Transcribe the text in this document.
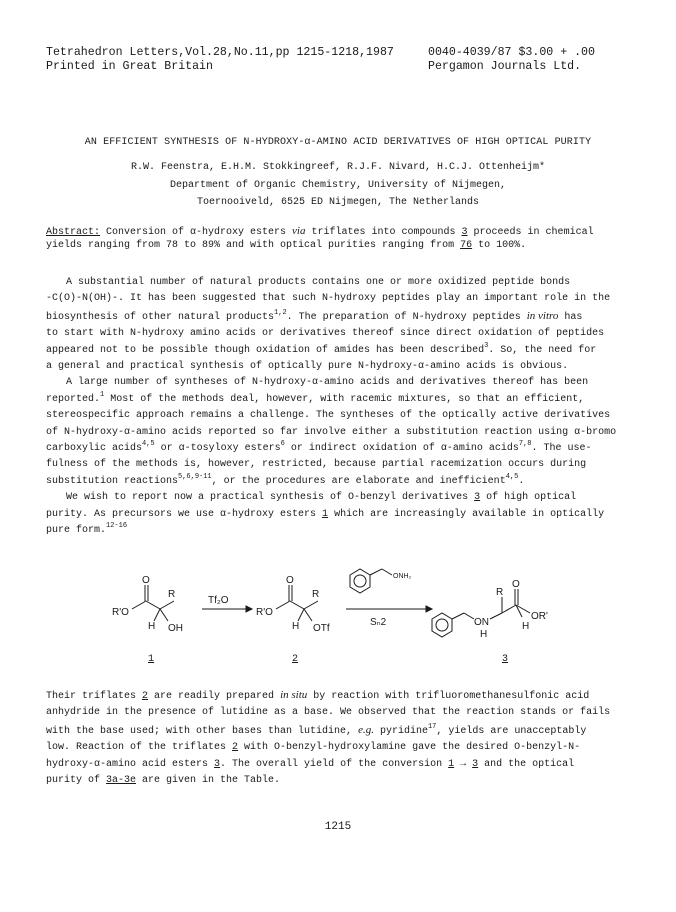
Tetrahedron Letters,Vol.28,No.11,pp 1215-1218,1987
Printed in Great Britain
0040-4039/87 $3.00 + .00
Pergamon Journals Ltd.
AN EFFICIENT SYNTHESIS OF N-HYDROXY-α-AMINO ACID DERIVATIVES OF HIGH OPTICAL PURITY
R.W. Feenstra, E.H.M. Stokkingreef, R.J.F. Nivard, H.C.J. Ottenheijm*
Department of Organic Chemistry, University of Nijmegen,
Toernooiveld, 6525 ED Nijmegen, The Netherlands
Abstract: Conversion of α-hydroxy esters via triflates into compounds 3 proceeds in chemical
yields ranging from 78 to 89% and with optical purities ranging from 76 to 100%.
A substantial number of natural products contains one or more oxidized peptide bonds
-C(O)-N(OH)-. It has been suggested that such N-hydroxy peptides play an important role in the
biosynthesis of other natural products$^{1,2}$. The preparation of N-hydroxy peptides in vitro has
to start with N-hydroxy amino acids or derivatives thereof since direct oxidation of peptides
appeared not to be possible though oxidation of amides has been described$^3$. So, the need for
a general and practical synthesis of optically pure N-hydroxy-α-amino acids is obvious.
A large number of syntheses of N-hydroxy-α-amino acids and derivatives thereof has been
reported.$^1$ Most of the methods deal, however, with racemic mixtures, so that an efficient,
stereospecific approach remains a challenge. The syntheses of the optically active derivatives
of N-hydroxy-α-amino acids reported so far involve either a substitution reaction using α-bromo
carboxylic acids$^{4,5}$ or α-tosyloxy esters$^6$ or indirect oxidation of α-amino acids$^{7,8}$. The use-
fulness of the methods is, however, restricted, because partial racemization occurs during
substitution reactions$^{5,6,9-11}$, or the procedures are elaborate and inefficient$^{4,5}$.
We wish to report now a practical synthesis of O-benzyl derivatives 3 of high optical
purity. As precursors we use α-hydroxy esters 1 which are increasingly available in optically
pure form.$^{12-16}$
O
R
R'O
OH
H
1
Tf₂O
O
R
R'O
OTf
H
2
ONH₂
Sₙ2
O
R
OR'
ON
H
H
3
Their triflates 2 are readily prepared in situ by reaction with trifluoromethanesulfonic acid
anhydride in the presence of lutidine as a base. We observed that the reaction stands or fails
with the base used; with other bases than lutidine, e.g. pyridine$^{17}$, yields are unacceptably
low. Reaction of the triflates 2 with O-benzyl-hydroxylamine gave the desired O-benzyl-N-
hydroxy-α-amino acid esters 3. The overall yield of the conversion 1 → 3 and the optical
purity of 3a-3e are given in the Table.
1215
